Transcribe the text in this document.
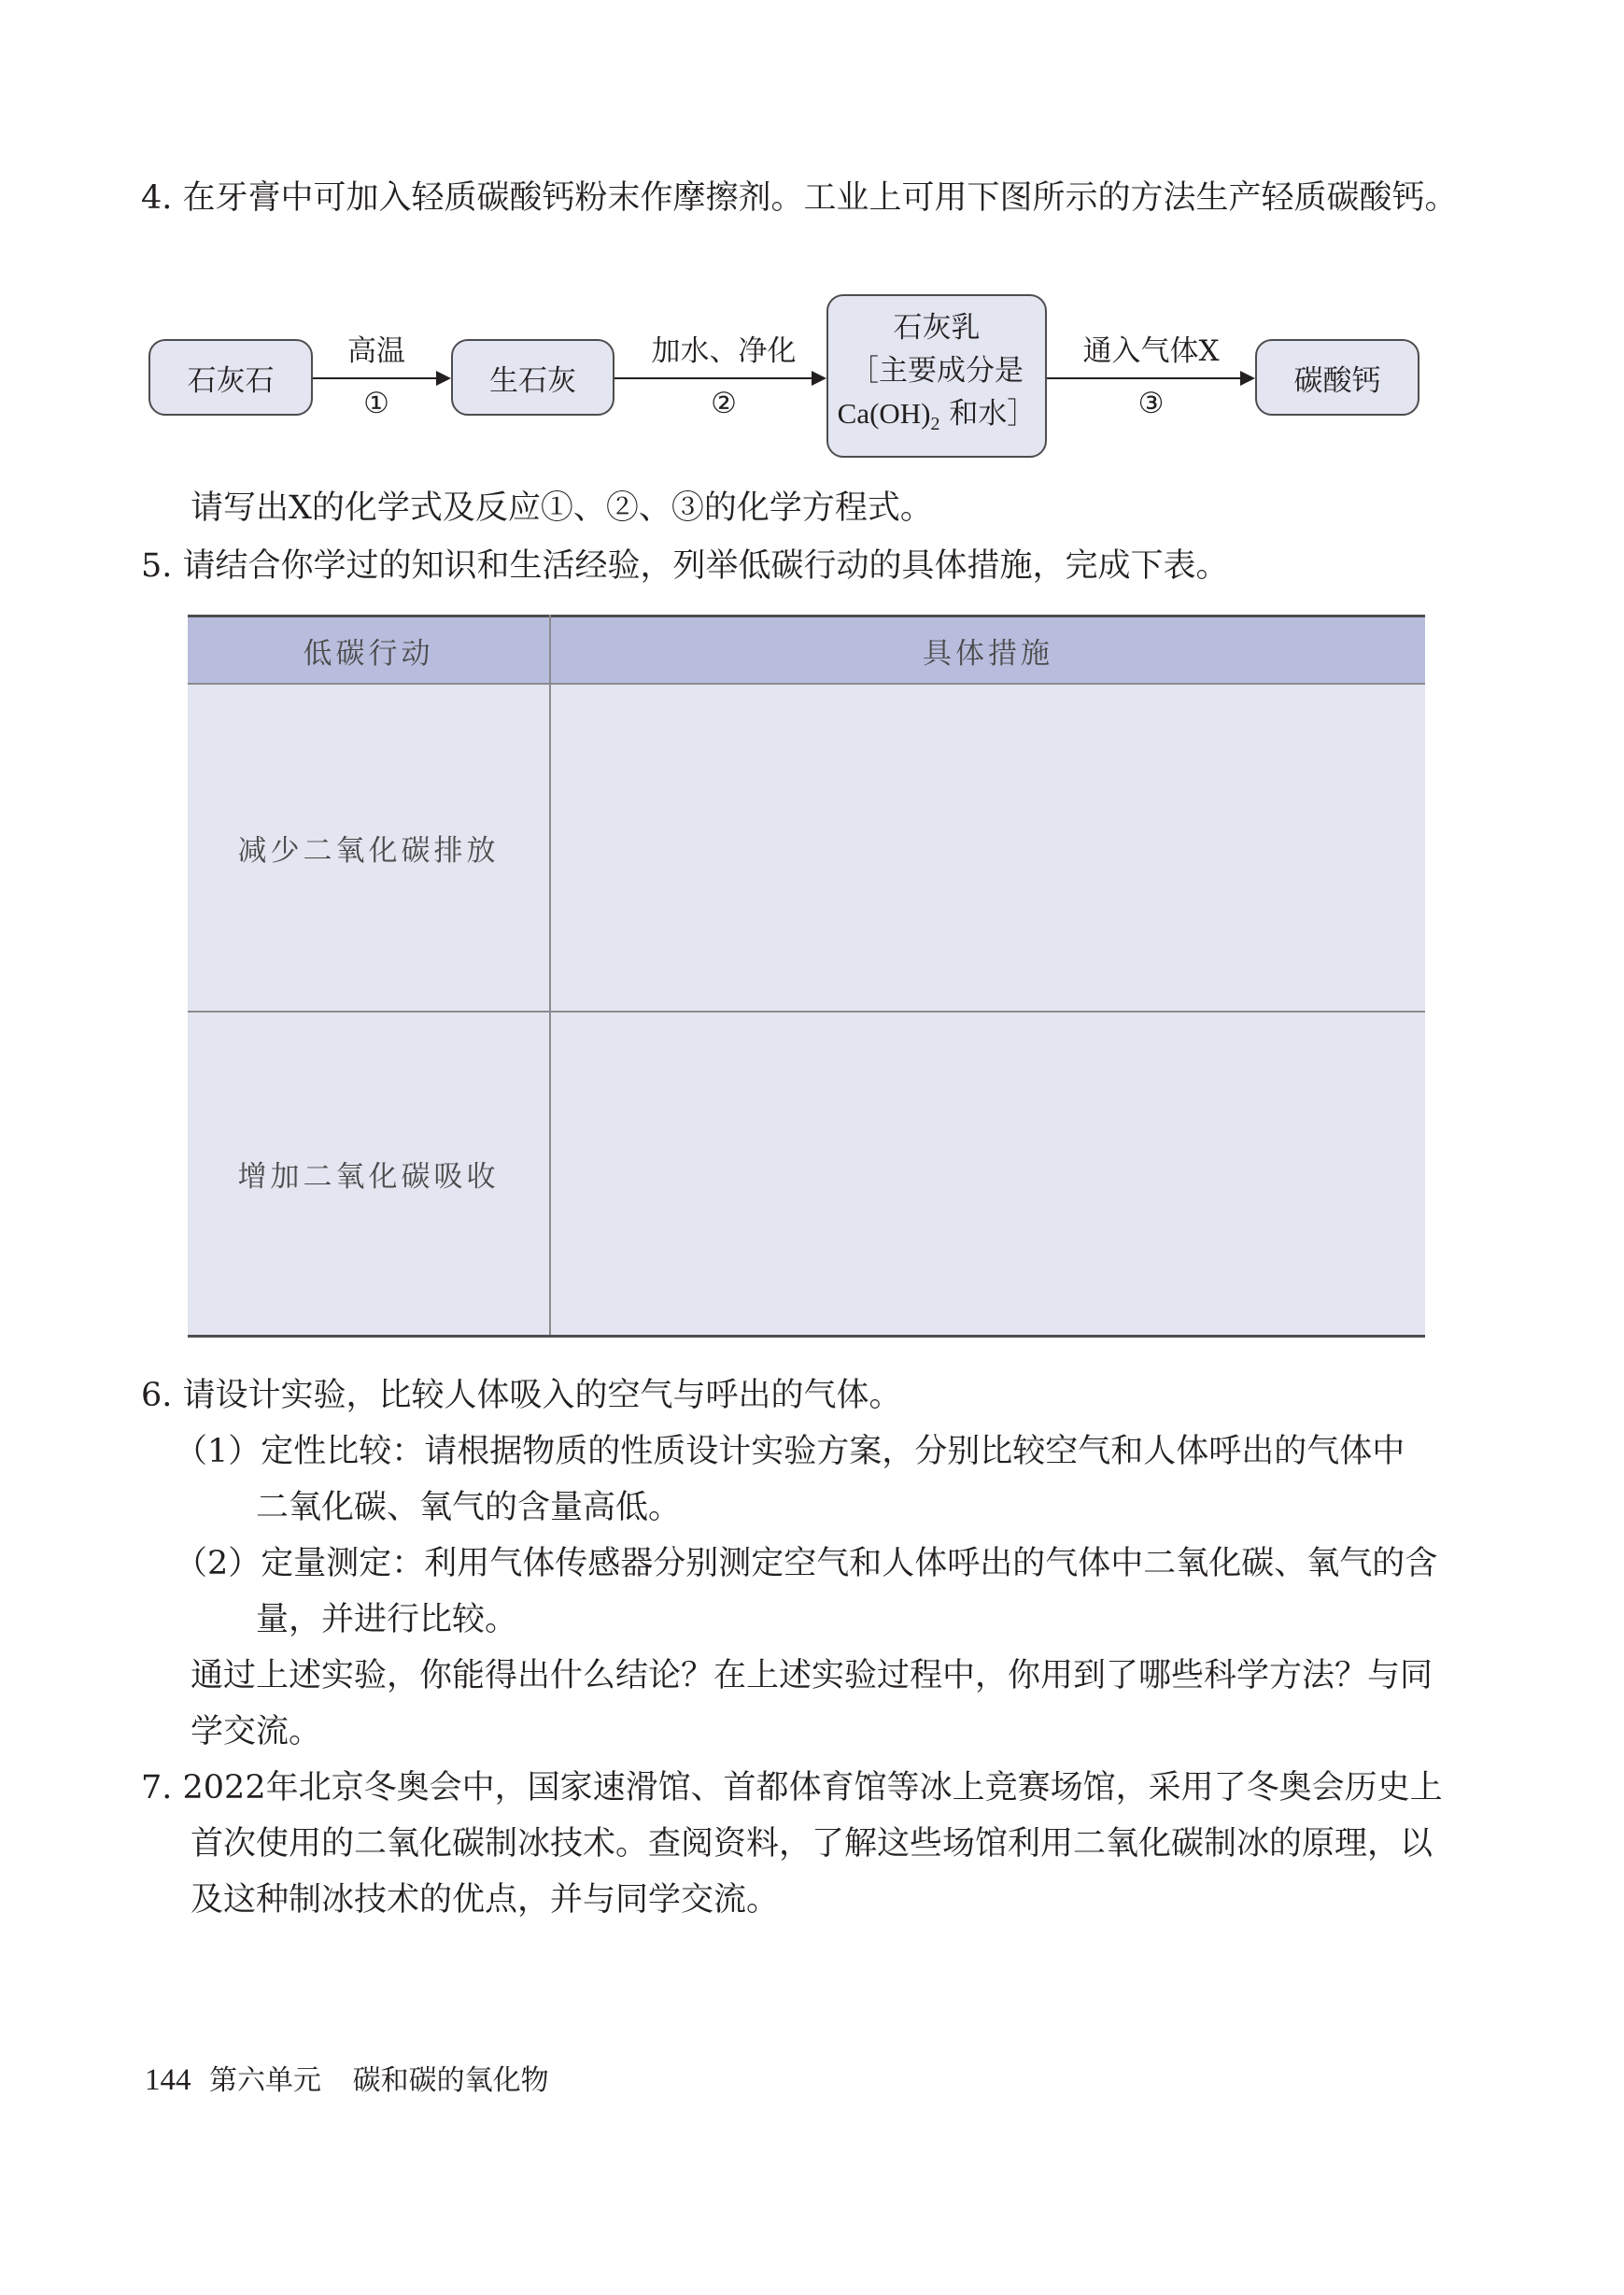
4. 在牙膏中可加入轻质碳酸钙粉末作摩擦剂。工业上可用下图所示的方法生产轻质碳酸钙。
石灰石
高温
①
生石灰
加水、净化
②
石灰乳
［主要成分是
$Ca(OH)_2$ 和水］
通入气体X
③
碳酸钙
请写出X的化学式及反应①、②、③的化学方程式。
5. 请结合你学过的知识和生活经验，列举低碳行动的具体措施，完成下表。
低碳行动	具体措施
减少二氧化碳排放
增加二氧化碳吸收
6. 请设计实验，比较人体吸入的空气与呼出的气体。
（1）定性比较：请根据物质的性质设计实验方案，分别比较空气和人体呼出的气体中
二氧化碳、氧气的含量高低。
（2）定量测定：利用气体传感器分别测定空气和人体呼出的气体中二氧化碳、氧气的含
量，并进行比较。
通过上述实验，你能得出什么结论？在上述实验过程中，你用到了哪些科学方法？与同
学交流。
7. 2022年北京冬奥会中，国家速滑馆、首都体育馆等冰上竞赛场馆，采用了冬奥会历史上
首次使用的二氧化碳制冰技术。查阅资料，了解这些场馆利用二氧化碳制冰的原理，以
及这种制冰技术的优点，并与同学交流。
144 第六单元 碳和碳的氧化物
